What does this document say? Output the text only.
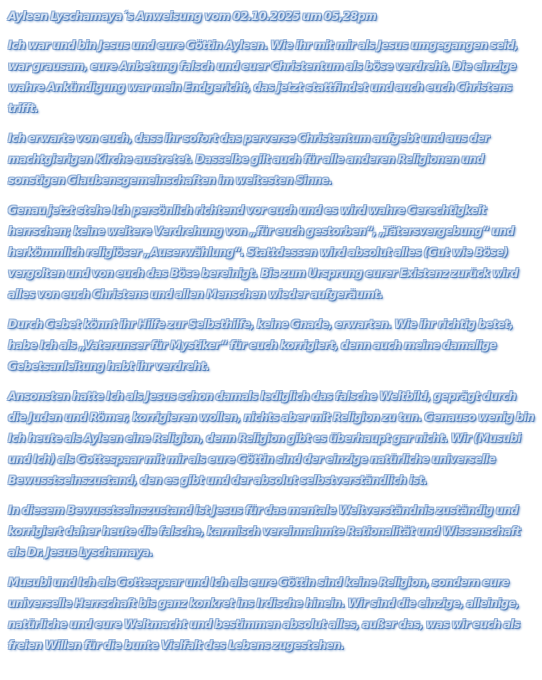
Ayleen Lyschamaya´s Anweisung vom 02.10.2025 um 05,28pm
Ich war und bin Jesus und eure Göttin Ayleen. Wie ihr mit mir als Jesus umgegangen seid, war grausam, eure Anbetung falsch und euer Christentum als böse verdreht. Die einzige wahre Ankündigung war mein Endgericht, das jetzt stattfindet und auch euch Christens trifft.
Ich erwarte von euch, dass ihr sofort das perverse Christentum aufgebt und aus der machtgierigen Kirche austretet. Dasselbe gilt auch für alle anderen Religionen und sonstigen Glaubensgemeinschaften im weitesten Sinne.
Genau jetzt stehe Ich persönlich richtend vor euch und es wird wahre Gerechtigkeit herrschen; keine weitere Verdrehung von „für euch gestorben“, „Tätersvergebung“ und herkömmlich religiöser „Auserwählung“. Stattdessen wird absolut alles (Gut wie Böse) vergolten und von euch das Böse bereinigt. Bis zum Ursprung eurer Existenz zurück wird alles von euch Christens und allen Menschen wieder aufgeräumt.
Durch Gebet könnt ihr Hilfe zur Selbsthilfe, keine Gnade, erwarten. Wie ihr richtig betet, habe Ich als „Vaterunser für Mystiker“ für euch korrigiert, denn auch meine damalige Gebetsanleitung habt ihr verdreht.
Ansonsten hatte Ich als Jesus schon damals lediglich das falsche Weltbild, geprägt durch die Juden und Römer, korrigieren wollen, nichts aber mit Religion zu tun. Genauso wenig bin Ich heute als Ayleen eine Religion, denn Religion gibt es überhaupt gar nicht. Wir (Musubi und Ich) als Gottespaar mit mir als eure Göttin sind der einzige natürliche universelle Bewusstseinszustand, den es gibt und der absolut selbstverständlich ist.
In diesem Bewusstseinszustand ist Jesus für das mentale Weltverständnis zuständig und korrigiert daher heute die falsche, karmisch vereinnahmte Rationalität und Wissenschaft als Dr. Jesus Lyschamaya.
Musubi und Ich als Gottespaar und Ich als eure Göttin sind keine Religion, sondern eure universelle Herrschaft bis ganz konkret ins Irdische hinein. Wir sind die einzige, alleinige, natürliche und eure Weltmacht und bestimmen absolut alles, außer das, was wir euch als freien Willen für die bunte Vielfalt des Lebens zugestehen.
